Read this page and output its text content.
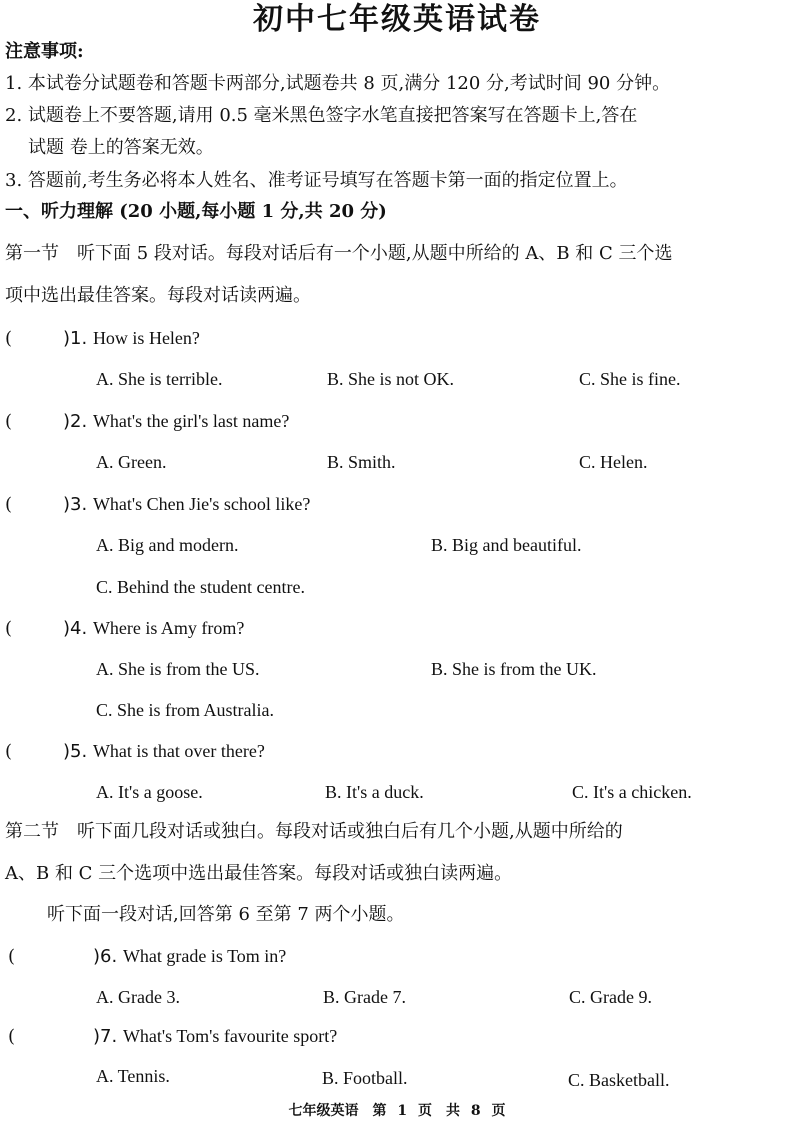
初中七年级英语试卷
注意事项:
1. 本试卷分试题卷和答题卡两部分,试题卷共 8 页,满分 120 分,考试时间 90 分钟。
2. 试题卷上不要答题,请用 0.5 毫米黑色签字水笔直接把答案写在答题卡上,答在
试题 卷上的答案无效。
3. 答题前,考生务必将本人姓名、准考证号填写在答题卡第一面的指定位置上。
一、听力理解 (20 小题,每小题 1 分,共 20 分)
第一节　听下面 5 段对话。每段对话后有一个小题,从题中所给的 A、B 和 C 三个选
项中选出最佳答案。每段对话读两遍。
(	)1. How is Helen?
A. She is terrible.	B. She is not OK.	C. She is fine.
(	)2. What's the girl's last name?
A. Green.	B. Smith.	C. Helen.
(	)3. What's Chen Jie's school like?
A. Big and modern.	B. Big and beautiful.
C. Behind the student centre.
(	)4. Where is Amy from?
A. She is from the US.	B. She is from the UK.
C. She is from Australia.
(	)5. What is that over there?
A. It's a goose.	B. It's a duck.	C. It's a chicken.
第二节　听下面几段对话或独白。每段对话或独白后有几个小题,从题中所给的
A、B 和 C 三个选项中选出最佳答案。每段对话或独白读两遍。
听下面一段对话,回答第 6 至第 7 两个小题。
(	)6. What grade is Tom in?
A. Grade 3.	B. Grade 7.	C. Grade 9.
(	)7. What's Tom's favourite sport?
A. Tennis.	B. Football.	C. Basketball.
七年级英语　第 1 页　共 8 页
